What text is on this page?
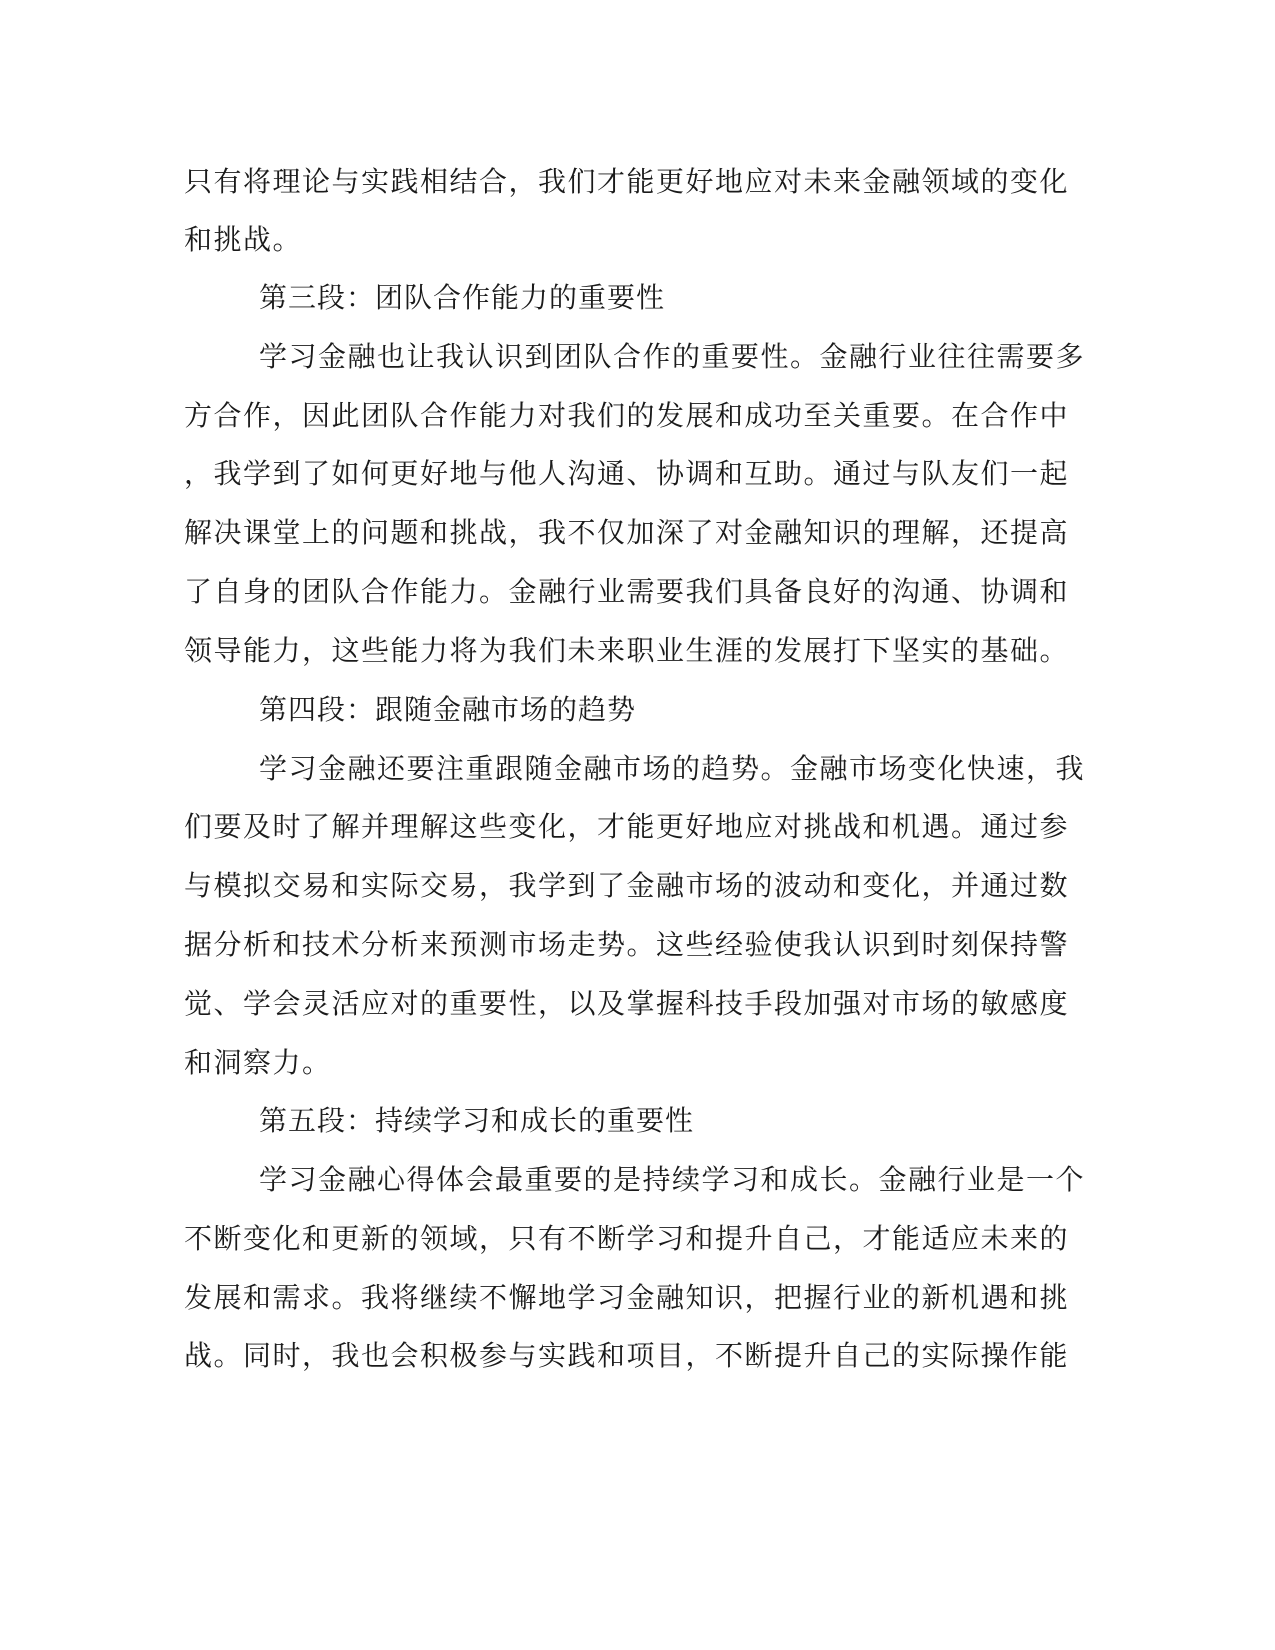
只有将理论与实践相结合，我们才能更好地应对未来金融领域的变化
和挑战。
第三段：团队合作能力的重要性
学习金融也让我认识到团队合作的重要性。金融行业往往需要多
方合作，因此团队合作能力对我们的发展和成功至关重要。在合作中
，我学到了如何更好地与他人沟通、协调和互助。通过与队友们一起
解决课堂上的问题和挑战，我不仅加深了对金融知识的理解，还提高
了自身的团队合作能力。金融行业需要我们具备良好的沟通、协调和
领导能力，这些能力将为我们未来职业生涯的发展打下坚实的基础。
第四段：跟随金融市场的趋势
学习金融还要注重跟随金融市场的趋势。金融市场变化快速，我
们要及时了解并理解这些变化，才能更好地应对挑战和机遇。通过参
与模拟交易和实际交易，我学到了金融市场的波动和变化，并通过数
据分析和技术分析来预测市场走势。这些经验使我认识到时刻保持警
觉、学会灵活应对的重要性，以及掌握科技手段加强对市场的敏感度
和洞察力。
第五段：持续学习和成长的重要性
学习金融心得体会最重要的是持续学习和成长。金融行业是一个
不断变化和更新的领域，只有不断学习和提升自己，才能适应未来的
发展和需求。我将继续不懈地学习金融知识，把握行业的新机遇和挑
战。同时，我也会积极参与实践和项目，不断提升自己的实际操作能
